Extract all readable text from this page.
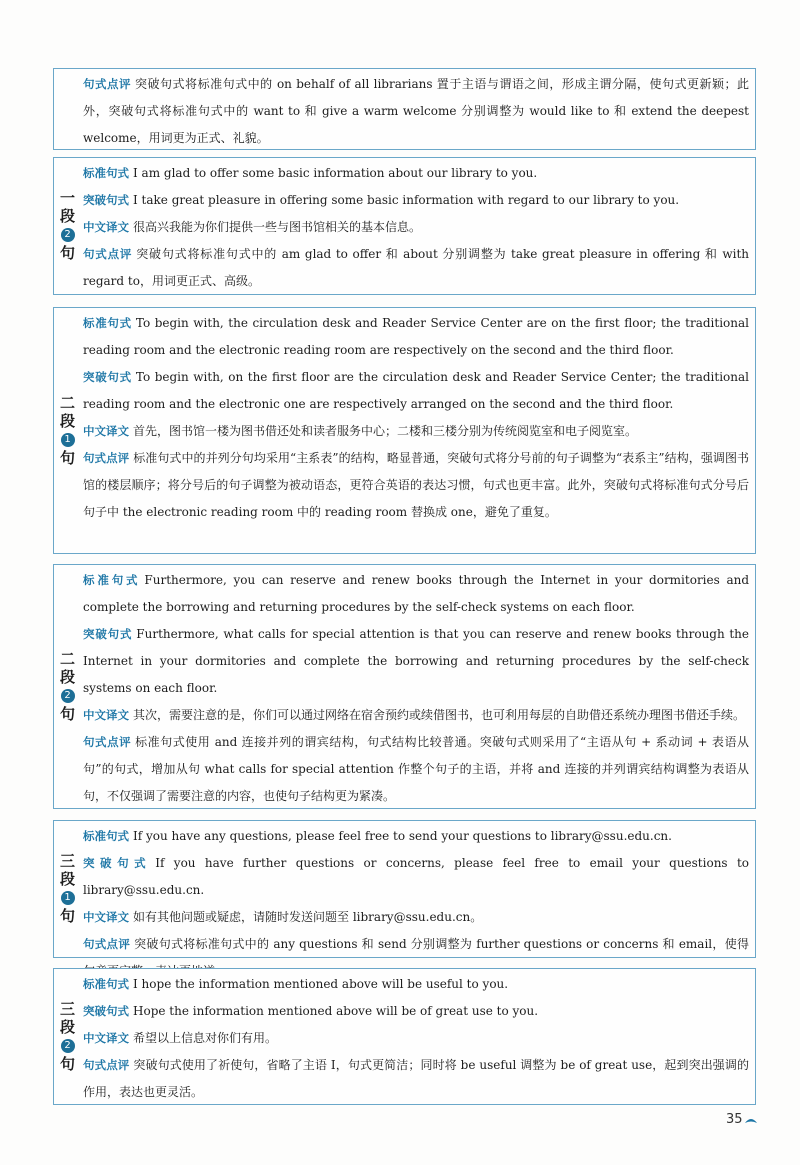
句式点评 突破句式将标准句式中的 on behalf of all librarians 置于主语与谓语之间，形成主谓分隔，使句式更新颖；此外，突破句式将标准句式中的 want to 和 give a warm welcome 分别调整为 would like to 和 extend the deepest welcome，用词更为正式、礼貌。

一
段
2
句

标准句式 I am glad to offer some basic information about our library to you.

突破句式 I take great pleasure in offering some basic information with regard to our library to you.

中文译文 很高兴我能为你们提供一些与图书馆相关的基本信息。

句式点评 突破句式将标准句式中的 am glad to offer 和 about 分别调整为 take great pleasure in offering 和 with regard to，用词更正式、高级。

二
段
1
句

标准句式 To begin with, the circulation desk and Reader Service Center are on the first floor; the traditional reading room and the electronic reading room are respectively on the second and the third floor.

突破句式 To begin with, on the first floor are the circulation desk and Reader Service Center; the traditional reading room and the electronic one are respectively arranged on the second and the third floor.

中文译文 首先，图书馆一楼为图书借还处和读者服务中心；二楼和三楼分别为传统阅览室和电子阅览室。

句式点评 标准句式中的并列分句均采用“主系表”的结构，略显普通，突破句式将分号前的句子调整为“表系主”结构，强调图书馆的楼层顺序；将分号后的句子调整为被动语态，更符合英语的表达习惯，句式也更丰富。此外，突破句式将标准句式分号后句子中 the electronic reading room 中的 reading room 替换成 one，避免了重复。

二
段
2
句

标准句式 Furthermore, you can reserve and renew books through the Internet in your dormitories and complete the borrowing and returning procedures by the self-check systems on each floor.

突破句式 Furthermore, what calls for special attention is that you can reserve and renew books through the Internet in your dormitories and complete the borrowing and returning procedures by the self-check systems on each floor.

中文译文 其次，需要注意的是，你们可以通过网络在宿舍预约或续借图书，也可利用每层的自助借还系统办理图书借还手续。

句式点评 标准句式使用 and 连接并列的谓宾结构，句式结构比较普通。突破句式则采用了“主语从句 + 系动词 + 表语从句”的句式，增加从句 what calls for special attention 作整个句子的主语，并将 and 连接的并列谓宾结构调整为表语从句，不仅强调了需要注意的内容，也使句子结构更为紧凑。

三
段
1
句

标准句式 If you have any questions, please feel free to send your questions to library@ssu.edu.cn.

突破句式 If you have further questions or concerns, please feel free to email your questions to library@ssu.edu.cn.

中文译文 如有其他问题或疑虑，请随时发送问题至 library@ssu.edu.cn。

句式点评 突破句式将标准句式中的 any questions 和 send 分别调整为 further questions or concerns 和 email，使得

三
段
2
句

标准句式 I hope the information mentioned above will be useful to you.

突破句式 Hope the information mentioned above will be of great use to you.

中文译文 希望以上信息对你们有用。

句式点评 突破句式使用了祈使句，省略了主语 I，句式更简洁；同时将 be useful 调整为 be of great use，起到突出强调的作用，表达也更灵活。

35
